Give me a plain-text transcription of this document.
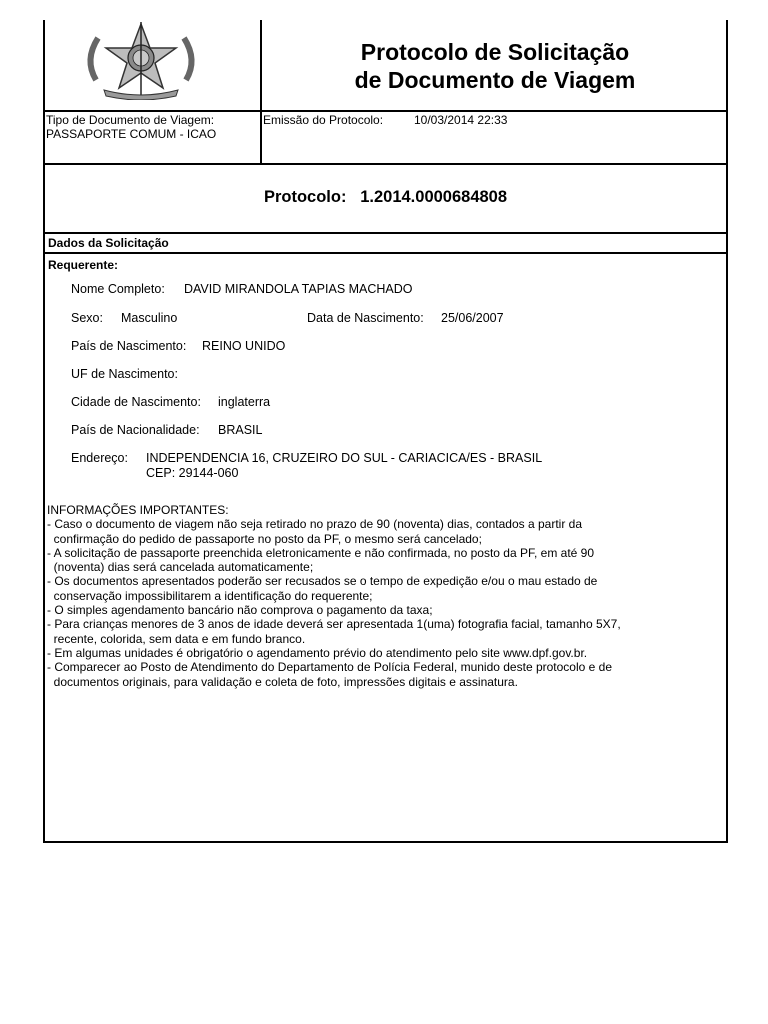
Protocolo de Solicitação
de Documento de Viagem
Tipo de Documento de Viagem:
PASSAPORTE COMUM - ICAO
Emissão do Protocolo:	10/03/2014 22:33
Protocolo: 1.2014.0000684808
Dados da Solicitação
Requerente:
Nome Completo: DAVID MIRANDOLA TAPIAS MACHADO
Sexo: Masculino	Data de Nascimento: 25/06/2007
País de Nascimento: REINO UNIDO
UF de Nascimento:
Cidade de Nascimento: inglaterra
País de Nacionalidade: BRASIL
Endereço: INDEPENDENCIA 16, CRUZEIRO DO SUL - CARIACICA/ES - BRASIL
CEP: 29144-060
INFORMAÇÕES IMPORTANTES:
- Caso o documento de viagem não seja retirado no prazo de 90 (noventa) dias, contados a partir da
confirmação do pedido de passaporte no posto da PF, o mesmo será cancelado;
- A solicitação de passaporte preenchida eletronicamente e não confirmada, no posto da PF, em até 90
(noventa) dias será cancelada automaticamente;
- Os documentos apresentados poderão ser recusados se o tempo de expedição e/ou o mau estado de
conservação impossibilitarem a identificação do requerente;
- O simples agendamento bancário não comprova o pagamento da taxa;
- Para crianças menores de 3 anos de idade deverá ser apresentada 1(uma) fotografia facial, tamanho 5X7,
recente, colorida, sem data e em fundo branco.
- Em algumas unidades é obrigatório o agendamento prévio do atendimento pelo site www.dpf.gov.br.
- Comparecer ao Posto de Atendimento do Departamento de Polícia Federal, munido deste protocolo e de
documentos originais, para validação e coleta de foto, impressões digitais e assinatura.
